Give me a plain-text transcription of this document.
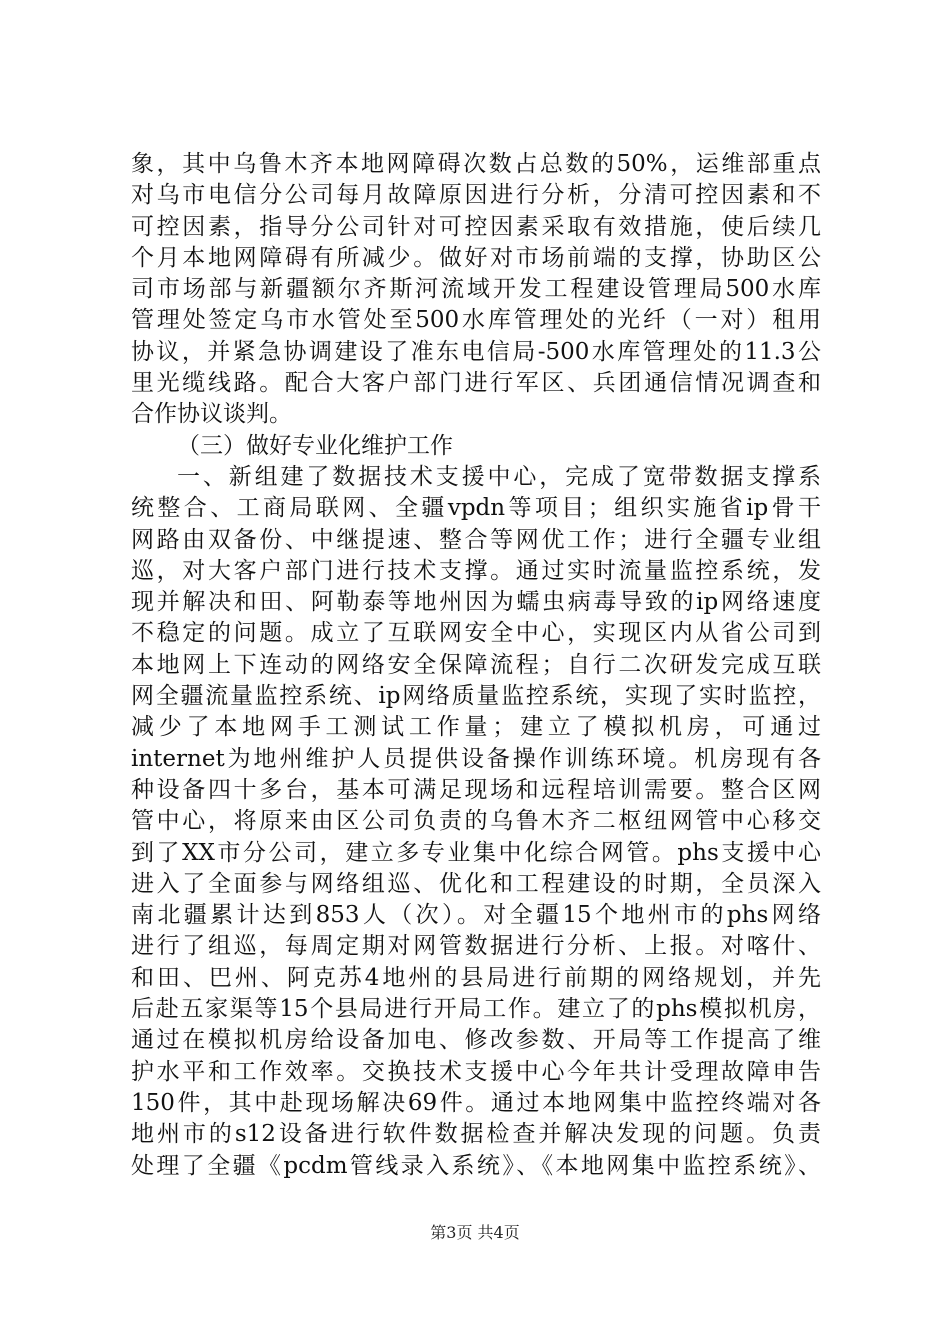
象，其中乌鲁木齐本地网障碍次数占总数的50%，运维部重点
对乌市电信分公司每月故障原因进行分析，分清可控因素和不
可控因素，指导分公司针对可控因素采取有效措施，使后续几
个月本地网障碍有所减少。做好对市场前端的支撑，协助区公
司市场部与新疆额尔齐斯河流域开发工程建设管理局500水库
管理处签定乌市水管处至500水库管理处的光纤（一对）租用
协议，并紧急协调建设了准东电信局-500水库管理处的11.3公
里光缆线路。配合大客户部门进行军区、兵团通信情况调查和
合作协议谈判。
（三）做好专业化维护工作
一、新组建了数据技术支援中心，完成了宽带数据支撑系
统整合、工商局联网、全疆vpdn等项目；组织实施省ip骨干
网路由双备份、中继提速、整合等网优工作；进行全疆专业组
巡，对大客户部门进行技术支撑。通过实时流量监控系统，发
现并解决和田、阿勒泰等地州因为蠕虫病毒导致的ip网络速度
不稳定的问题。成立了互联网安全中心，实现区内从省公司到
本地网上下连动的网络安全保障流程；自行二次研发完成互联
网全疆流量监控系统、ip网络质量监控系统，实现了实时监控，
减少了本地网手工测试工作量；建立了模拟机房，可通过
internet为地州维护人员提供设备操作训练环境。机房现有各
种设备四十多台，基本可满足现场和远程培训需要。整合区网
管中心，将原来由区公司负责的乌鲁木齐二枢纽网管中心移交
到了XX市分公司，建立多专业集中化综合网管。phs支援中心
进入了全面参与网络组巡、优化和工程建设的时期，全员深入
南北疆累计达到853人（次）。对全疆15个地州市的phs网络
进行了组巡，每周定期对网管数据进行分析、上报。对喀什、
和田、巴州、阿克苏4地州的县局进行前期的网络规划，并先
后赴五家渠等15个县局进行开局工作。建立了的phs模拟机房，
通过在模拟机房给设备加电、修改参数、开局等工作提高了维
护水平和工作效率。交换技术支援中心今年共计受理故障申告
150件，其中赴现场解决69件。通过本地网集中监控终端对各
地州市的s12设备进行软件数据检查并解决发现的问题。负责
处理了全疆《pcdm管线录入系统》、《本地网集中监控系统》、
第3页 共4页
